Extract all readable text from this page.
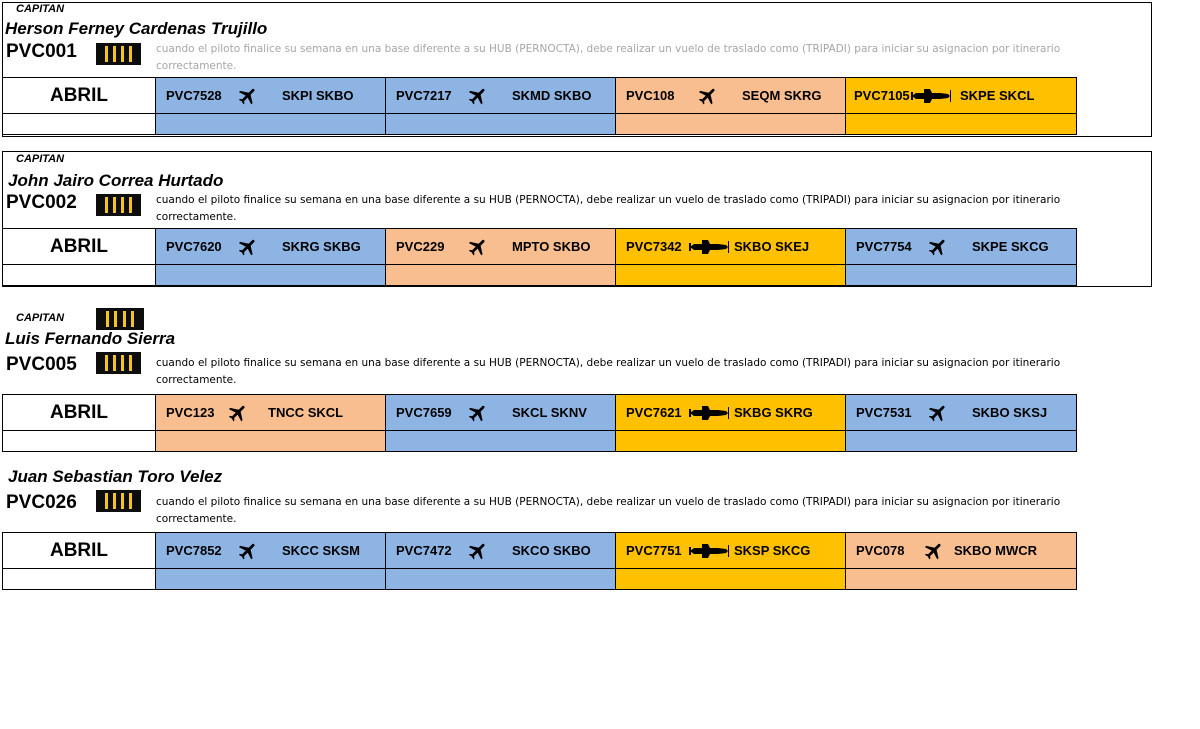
CAPITAN
Herson Ferney Cardenas Trujillo
PVC001	cuando el piloto finalice su semana en una base diferente a su HUB (PERNOCTA), debe realizar un vuelo de traslado como (TRIPADI) para iniciar su asignacion por itinerario correctamente.
ABRIL	PVC7528	SKPI SKBO	PVC7217	SKMD SKBO	PVC108	SEQM SKRG	PVC7105	SKPE SKCL
CAPITAN
John Jairo Correa Hurtado
PVC002	cuando el piloto finalice su semana en una base diferente a su HUB (PERNOCTA), debe realizar un vuelo de traslado como (TRIPADI) para iniciar su asignacion por itinerario correctamente.
ABRIL	PVC7620	SKRG SKBG	PVC229	MPTO SKBO	PVC7342	SKBO SKEJ	PVC7754	SKPE SKCG
CAPITAN
Luis Fernando Sierra
PVC005	cuando el piloto finalice su semana en una base diferente a su HUB (PERNOCTA), debe realizar un vuelo de traslado como (TRIPADI) para iniciar su asignacion por itinerario correctamente.
ABRIL	PVC123	TNCC SKCL	PVC7659	SKCL SKNV	PVC7621	SKBG SKRG	PVC7531	SKBO SKSJ
Juan Sebastian Toro Velez
PVC026	cuando el piloto finalice su semana en una base diferente a su HUB (PERNOCTA), debe realizar un vuelo de traslado como (TRIPADI) para iniciar su asignacion por itinerario correctamente.
ABRIL	PVC7852	SKCC SKSM	PVC7472	SKCO SKBO	PVC7751	SKSP SKCG	PVC078	SKBO MWCR
